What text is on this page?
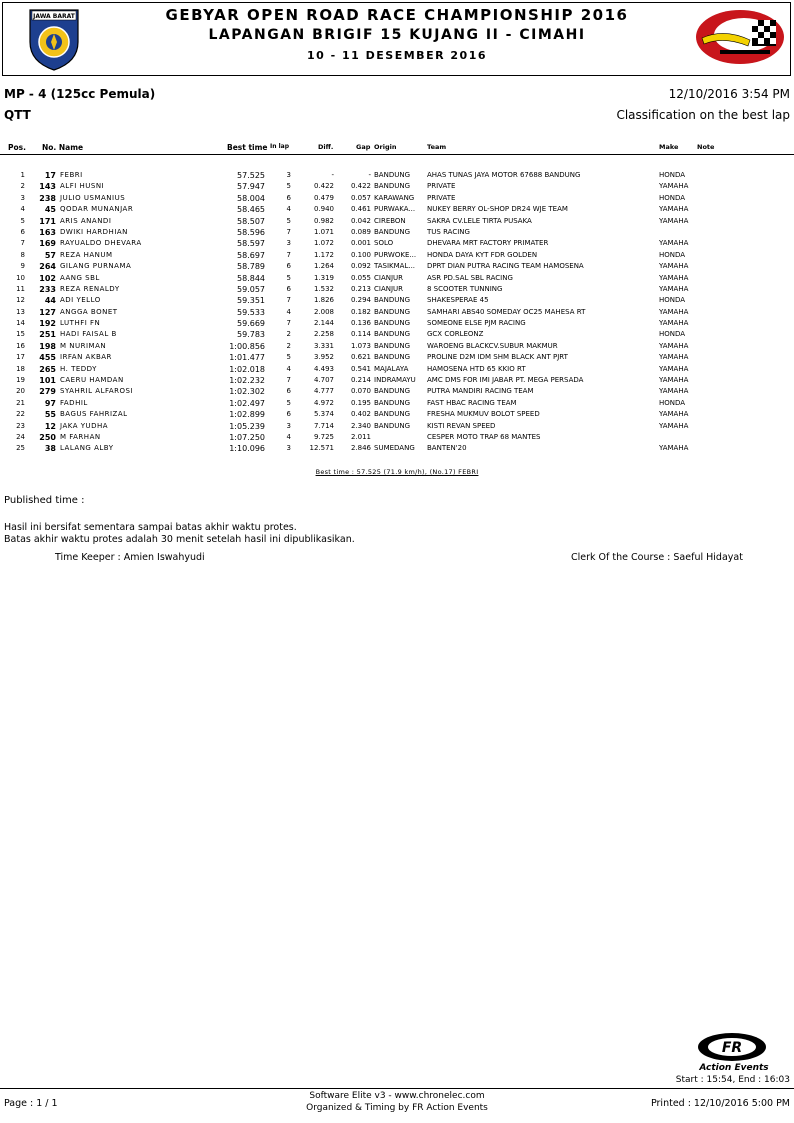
JAWA BARAT	GEBYAR OPEN ROAD RACE CHAMPIONSHIP 2016
LAPANGAN BRIGIF 15 KUJANG II - CIMAHI
10 - 11 DESEMBER 2016
MP - 4 (125cc Pemula)	12/10/2016 3:54 PM
QTT	Classification on the best lap
Pos. No. Name	Best time In lap	Diff.	Gap Origin	Team	Make	Note
1	17 FEBRI	57.525	3	-	- BANDUNG	AHAS TUNAS JAYA MOTOR 67688 BANDUNG	HONDA
2	143 ALFI HUSNI	57.947	5	0.422	0.422 BANDUNG	PRIVATE	YAMAHA
3	238 JULIO USMANIUS	58.004	6	0.479	0.057 KARAWANG	PRIVATE	HONDA
4	45 QODAR MUNANJAR	58.465	4	0.940	0.461 PURWAKA...	NUKEY BERRY OL-SHOP DR24 WJE TEAM	YAMAHA
5	171 ARIS ANANDI	58.507	5	0.982	0.042 CIREBON	SAKRA CV.LELE TIRTA PUSAKA	YAMAHA
6	163 DWIKI HARDHIAN	58.596	7	1.071	0.089 BANDUNG	TUS RACING
7	169 RAYUALDO DHEVARA	58.597	3	1.072	0.001 SOLO	DHEVARA MRT FACTORY PRIMATER	YAMAHA
8	57 REZA HANUM	58.697	7	1.172	0.100 PURWOKE...	HONDA DAYA KYT FDR GOLDEN	HONDA
9	264 GILANG PURNAMA	58.789	6	1.264	0.092 TASIKMAL...	DPRT DIAN PUTRA RACING TEAM HAMOSENA	YAMAHA
10	102 AANG SBL	58.844	5	1.319	0.055 CIANJUR	ASR PD.SAL SBL RACING	YAMAHA
11	233 REZA RENALDY	59.057	6	1.532	0.213 CIANJUR	8 SCOOTER TUNNING	YAMAHA
12	44 ADI YELLO	59.351	7	1.826	0.294 BANDUNG	SHAKESPERAE 45	HONDA
13	127 ANGGA BONET	59.533	4	2.008	0.182 BANDUNG	SAMHARI ABS40 SOMEDAY OC25 MAHESA RT	YAMAHA
14	192 LUTHFI FN	59.669	7	2.144	0.136 BANDUNG	SOMEONE ELSE PJM RACING	YAMAHA
15	251 HADI FAISAL B	59.783	2	2.258	0.114 BANDUNG	GCX CORLEONZ	HONDA
16	198 M NURIMAN	1:00.856	2	3.331	1.073 BANDUNG	WAROENG BLACKCV.SUBUR MAKMUR	YAMAHA
17	455 IRFAN AKBAR	1:01.477	5	3.952	0.621 BANDUNG	PROLINE D2M IDM SHM BLACK ANT PJRT	YAMAHA
18	265 H. TEDDY	1:02.018	4	4.493	0.541 MAJALAYA	HAMOSENA HTD 65 KKIO RT	YAMAHA
19	101 CAERU HAMDAN	1:02.232	7	4.707	0.214 INDRAMAYU	AMC DMS FOR IMI JABAR PT. MEGA PERSADA	YAMAHA
20	279 SYAHRIL ALFAROSI	1:02.302	6	4.777	0.070 BANDUNG	PUTRA MANDIRI RACING TEAM	YAMAHA
21	97 FADHIL	1:02.497	5	4.972	0.195 BANDUNG	FAST HBAC RACING TEAM	HONDA
22	55 BAGUS FAHRIZAL	1:02.899	6	5.374	0.402 BANDUNG	FRESHA MUKMUV BOLOT SPEED	YAMAHA
23	12 JAKA YUDHA	1:05.239	3	7.714	2.340 BANDUNG	KISTI REVAN SPEED	YAMAHA
24	250 M FARHAN	1:07.250	4	9.725	2.011	CESPER MOTO TRAP 68 MANTES
25	38 LALANG ALBY	1:10.096	3	12.571	2.846 SUMEDANG	BANTEN'20	YAMAHA
Best time : 57.525 (71.9 km/h), (No.17) FEBRI
Published time :
Hasil ini bersifat sementara sampai batas akhir waktu protes.
Batas akhir waktu protes adalah 30 menit setelah hasil ini dipublikasikan.
Time Keeper : Amien Iswahyudi	Clerk Of the Course : Saeful Hidayat
FR
Action Events
Start : 15:54, End : 16:03
Page : 1 / 1
Software Elite v3 - www.chronelec.com
Organized & Timing by FR Action Events	Printed : 12/10/2016 5:00 PM
